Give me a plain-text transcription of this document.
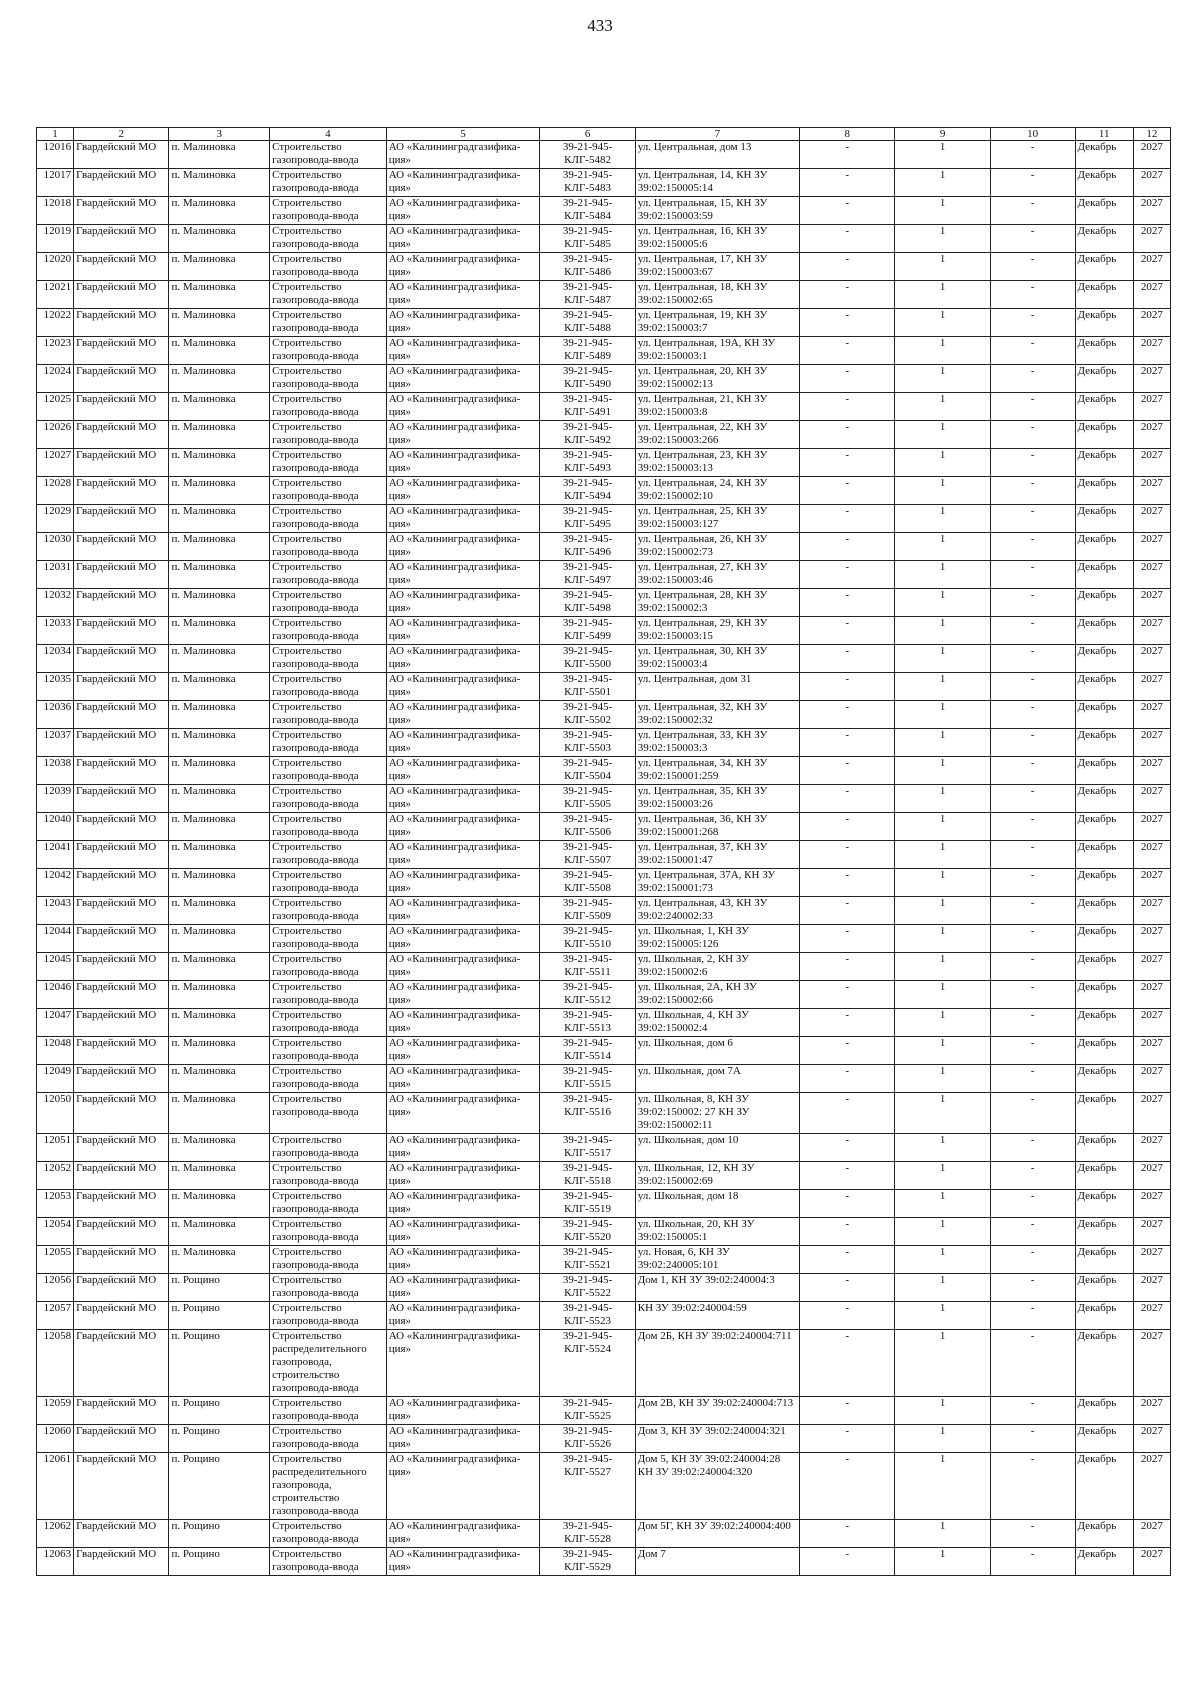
433
1	2	3	4	5	6	7	8	9	10	11	12
12016	Гвардейский МО	п. Малиновка	Строительство газопровода-ввода	АО «Калининградгазифика-ция»	39-21-945-КЛГ-5482	ул. Центральная, дом 13	-	1	-	Декабрь	2027
12017	Гвардейский МО	п. Малиновка	Строительство газопровода-ввода	АО «Калининградгазифика-ция»	39-21-945-КЛГ-5483	ул. Центральная, 14, КН ЗУ 39:02:150005:14	-	1	-	Декабрь	2027
12018	Гвардейский МО	п. Малиновка	Строительство газопровода-ввода	АО «Калининградгазифика-ция»	39-21-945-КЛГ-5484	ул. Центральная, 15, КН ЗУ 39:02:150003:59	-	1	-	Декабрь	2027
12019	Гвардейский МО	п. Малиновка	Строительство газопровода-ввода	АО «Калининградгазифика-ция»	39-21-945-КЛГ-5485	ул. Центральная, 16, КН ЗУ 39:02:150005:6	-	1	-	Декабрь	2027
12020	Гвардейский МО	п. Малиновка	Строительство газопровода-ввода	АО «Калининградгазифика-ция»	39-21-945-КЛГ-5486	ул. Центральная, 17, КН ЗУ 39:02:150003:67	-	1	-	Декабрь	2027
12021	Гвардейский МО	п. Малиновка	Строительство газопровода-ввода	АО «Калининградгазифика-ция»	39-21-945-КЛГ-5487	ул. Центральная, 18, КН ЗУ 39:02:150002:65	-	1	-	Декабрь	2027
12022	Гвардейский МО	п. Малиновка	Строительство газопровода-ввода	АО «Калининградгазифика-ция»	39-21-945-КЛГ-5488	ул. Центральная, 19, КН ЗУ 39:02:150003:7	-	1	-	Декабрь	2027
12023	Гвардейский МО	п. Малиновка	Строительство газопровода-ввода	АО «Калининградгазифика-ция»	39-21-945-КЛГ-5489	ул. Центральная, 19А, КН ЗУ 39:02:150003:1	-	1	-	Декабрь	2027
12024	Гвардейский МО	п. Малиновка	Строительство газопровода-ввода	АО «Калининградгазифика-ция»	39-21-945-КЛГ-5490	ул. Центральная, 20, КН ЗУ 39:02:150002:13	-	1	-	Декабрь	2027
12025	Гвардейский МО	п. Малиновка	Строительство газопровода-ввода	АО «Калининградгазифика-ция»	39-21-945-КЛГ-5491	ул. Центральная, 21, КН ЗУ 39:02:150003:8	-	1	-	Декабрь	2027
12026	Гвардейский МО	п. Малиновка	Строительство газопровода-ввода	АО «Калининградгазифика-ция»	39-21-945-КЛГ-5492	ул. Центральная, 22, КН ЗУ 39:02:150003:266	-	1	-	Декабрь	2027
12027	Гвардейский МО	п. Малиновка	Строительство газопровода-ввода	АО «Калининградгазифика-ция»	39-21-945-КЛГ-5493	ул. Центральная, 23, КН ЗУ 39:02:150003:13	-	1	-	Декабрь	2027
12028	Гвардейский МО	п. Малиновка	Строительство газопровода-ввода	АО «Калининградгазифика-ция»	39-21-945-КЛГ-5494	ул. Центральная, 24, КН ЗУ 39:02:150002:10	-	1	-	Декабрь	2027
12029	Гвардейский МО	п. Малиновка	Строительство газопровода-ввода	АО «Калининградгазифика-ция»	39-21-945-КЛГ-5495	ул. Центральная, 25, КН ЗУ 39:02:150003:127	-	1	-	Декабрь	2027
12030	Гвардейский МО	п. Малиновка	Строительство газопровода-ввода	АО «Калининградгазифика-ция»	39-21-945-КЛГ-5496	ул. Центральная, 26, КН ЗУ 39:02:150002:73	-	1	-	Декабрь	2027
12031	Гвардейский МО	п. Малиновка	Строительство газопровода-ввода	АО «Калининградгазифика-ция»	39-21-945-КЛГ-5497	ул. Центральная, 27, КН ЗУ 39:02:150003:46	-	1	-	Декабрь	2027
12032	Гвардейский МО	п. Малиновка	Строительство газопровода-ввода	АО «Калининградгазифика-ция»	39-21-945-КЛГ-5498	ул. Центральная, 28, КН ЗУ 39:02:150002:3	-	1	-	Декабрь	2027
12033	Гвардейский МО	п. Малиновка	Строительство газопровода-ввода	АО «Калининградгазифика-ция»	39-21-945-КЛГ-5499	ул. Центральная, 29, КН ЗУ 39:02:150003:15	-	1	-	Декабрь	2027
12034	Гвардейский МО	п. Малиновка	Строительство газопровода-ввода	АО «Калининградгазифика-ция»	39-21-945-КЛГ-5500	ул. Центральная, 30, КН ЗУ 39:02:150003:4	-	1	-	Декабрь	2027
12035	Гвардейский МО	п. Малиновка	Строительство газопровода-ввода	АО «Калининградгазифика-ция»	39-21-945-КЛГ-5501	ул. Центральная, дом 31	-	1	-	Декабрь	2027
12036	Гвардейский МО	п. Малиновка	Строительство газопровода-ввода	АО «Калининградгазифика-ция»	39-21-945-КЛГ-5502	ул. Центральная, 32, КН ЗУ 39:02:150002:32	-	1	-	Декабрь	2027
12037	Гвардейский МО	п. Малиновка	Строительство газопровода-ввода	АО «Калининградгазифика-ция»	39-21-945-КЛГ-5503	ул. Центральная, 33, КН ЗУ 39:02:150003:3	-	1	-	Декабрь	2027
12038	Гвардейский МО	п. Малиновка	Строительство газопровода-ввода	АО «Калининградгазифика-ция»	39-21-945-КЛГ-5504	ул. Центральная, 34, КН ЗУ 39:02:150001:259	-	1	-	Декабрь	2027
12039	Гвардейский МО	п. Малиновка	Строительство газопровода-ввода	АО «Калининградгазифика-ция»	39-21-945-КЛГ-5505	ул. Центральная, 35, КН ЗУ 39:02:150003:26	-	1	-	Декабрь	2027
12040	Гвардейский МО	п. Малиновка	Строительство газопровода-ввода	АО «Калининградгазифика-ция»	39-21-945-КЛГ-5506	ул. Центральная, 36, КН ЗУ 39:02:150001:268	-	1	-	Декабрь	2027
12041	Гвардейский МО	п. Малиновка	Строительство газопровода-ввода	АО «Калининградгазифика-ция»	39-21-945-КЛГ-5507	ул. Центральная, 37, КН ЗУ 39:02:150001:47	-	1	-	Декабрь	2027
12042	Гвардейский МО	п. Малиновка	Строительство газопровода-ввода	АО «Калининградгазифика-ция»	39-21-945-КЛГ-5508	ул. Центральная, 37А, КН ЗУ 39:02:150001:73	-	1	-	Декабрь	2027
12043	Гвардейский МО	п. Малиновка	Строительство газопровода-ввода	АО «Калининградгазифика-ция»	39-21-945-КЛГ-5509	ул. Центральная, 43, КН ЗУ 39:02:240002:33	-	1	-	Декабрь	2027
12044	Гвардейский МО	п. Малиновка	Строительство газопровода-ввода	АО «Калининградгазифика-ция»	39-21-945-КЛГ-5510	ул. Школьная, 1, КН ЗУ 39:02:150005:126	-	1	-	Декабрь	2027
12045	Гвардейский МО	п. Малиновка	Строительство газопровода-ввода	АО «Калининградгазифика-ция»	39-21-945-КЛГ-5511	ул. Школьная, 2, КН ЗУ 39:02:150002:6	-	1	-	Декабрь	2027
12046	Гвардейский МО	п. Малиновка	Строительство газопровода-ввода	АО «Калининградгазифика-ция»	39-21-945-КЛГ-5512	ул. Школьная, 2А, КН ЗУ 39:02:150002:66	-	1	-	Декабрь	2027
12047	Гвардейский МО	п. Малиновка	Строительство газопровода-ввода	АО «Калининградгазифика-ция»	39-21-945-КЛГ-5513	ул. Школьная, 4, КН ЗУ 39:02:150002:4	-	1	-	Декабрь	2027
12048	Гвардейский МО	п. Малиновка	Строительство газопровода-ввода	АО «Калининградгазифика-ция»	39-21-945-КЛГ-5514	ул. Школьная, дом 6	-	1	-	Декабрь	2027
12049	Гвардейский МО	п. Малиновка	Строительство газопровода-ввода	АО «Калининградгазифика-ция»	39-21-945-КЛГ-5515	ул. Школьная, дом 7А	-	1	-	Декабрь	2027
12050	Гвардейский МО	п. Малиновка	Строительство газопровода-ввода	АО «Калининградгазифика-ция»	39-21-945-КЛГ-5516	ул. Школьная, 8, КН ЗУ 39:02:150002: 27 КН ЗУ 39:02:150002:11	-	1	-	Декабрь	2027
12051	Гвардейский МО	п. Малиновка	Строительство газопровода-ввода	АО «Калининградгазифика-ция»	39-21-945-КЛГ-5517	ул. Школьная, дом 10	-	1	-	Декабрь	2027
12052	Гвардейский МО	п. Малиновка	Строительство газопровода-ввода	АО «Калининградгазифика-ция»	39-21-945-КЛГ-5518	ул. Школьная, 12, КН ЗУ 39:02:150002:69	-	1	-	Декабрь	2027
12053	Гвардейский МО	п. Малиновка	Строительство газопровода-ввода	АО «Калининградгазифика-ция»	39-21-945-КЛГ-5519	ул. Школьная, дом 18	-	1	-	Декабрь	2027
12054	Гвардейский МО	п. Малиновка	Строительство газопровода-ввода	АО «Калининградгазифика-ция»	39-21-945-КЛГ-5520	ул. Школьная, 20, КН ЗУ 39:02:150005:1	-	1	-	Декабрь	2027
12055	Гвардейский МО	п. Малиновка	Строительство газопровода-ввода	АО «Калининградгазифика-ция»	39-21-945-КЛГ-5521	ул. Новая, 6, КН ЗУ 39:02:240005:101	-	1	-	Декабрь	2027
12056	Гвардейский МО	п. Рощино	Строительство газопровода-ввода	АО «Калининградгазифика-ция»	39-21-945-КЛГ-5522	Дом 1, КН ЗУ 39:02:240004:3	-	1	-	Декабрь	2027
12057	Гвардейский МО	п. Рощино	Строительство газопровода-ввода	АО «Калининградгазифика-ция»	39-21-945-КЛГ-5523	КН ЗУ 39:02:240004:59	-	1	-	Декабрь	2027
12058	Гвардейский МО	п. Рощино	Строительство распределительного газопровода, строительство газопровода-ввода	АО «Калининградгазифика-ция»	39-21-945-КЛГ-5524	Дом 2Б, КН ЗУ 39:02:240004:711	-	1	-	Декабрь	2027
12059	Гвардейский МО	п. Рощино	Строительство газопровода-ввода	АО «Калининградгазифика-ция»	39-21-945-КЛГ-5525	Дом 2В, КН ЗУ 39:02:240004:713	-	1	-	Декабрь	2027
12060	Гвардейский МО	п. Рощино	Строительство газопровода-ввода	АО «Калининградгазифика-ция»	39-21-945-КЛГ-5526	Дом 3, КН ЗУ 39:02:240004:321	-	1	-	Декабрь	2027
12061	Гвардейский МО	п. Рощино	Строительство распределительного газопровода, строительство газопровода-ввода	АО «Калининградгазифика-ция»	39-21-945-КЛГ-5527	Дом 5, КН ЗУ 39:02:240004:28 КН ЗУ 39:02:240004:320	-	1	-	Декабрь	2027
12062	Гвардейский МО	п. Рощино	Строительство газопровода-ввода	АО «Калининградгазифика-ция»	39-21-945-КЛГ-5528	Дом 5Г, КН ЗУ 39:02:240004:400	-	1	-	Декабрь	2027
12063	Гвардейский МО	п. Рощино	Строительство газопровода-ввода	АО «Калининградгазифика-ция»	39-21-945-КЛГ-5529	Дом 7	-	1	-	Декабрь	2027
